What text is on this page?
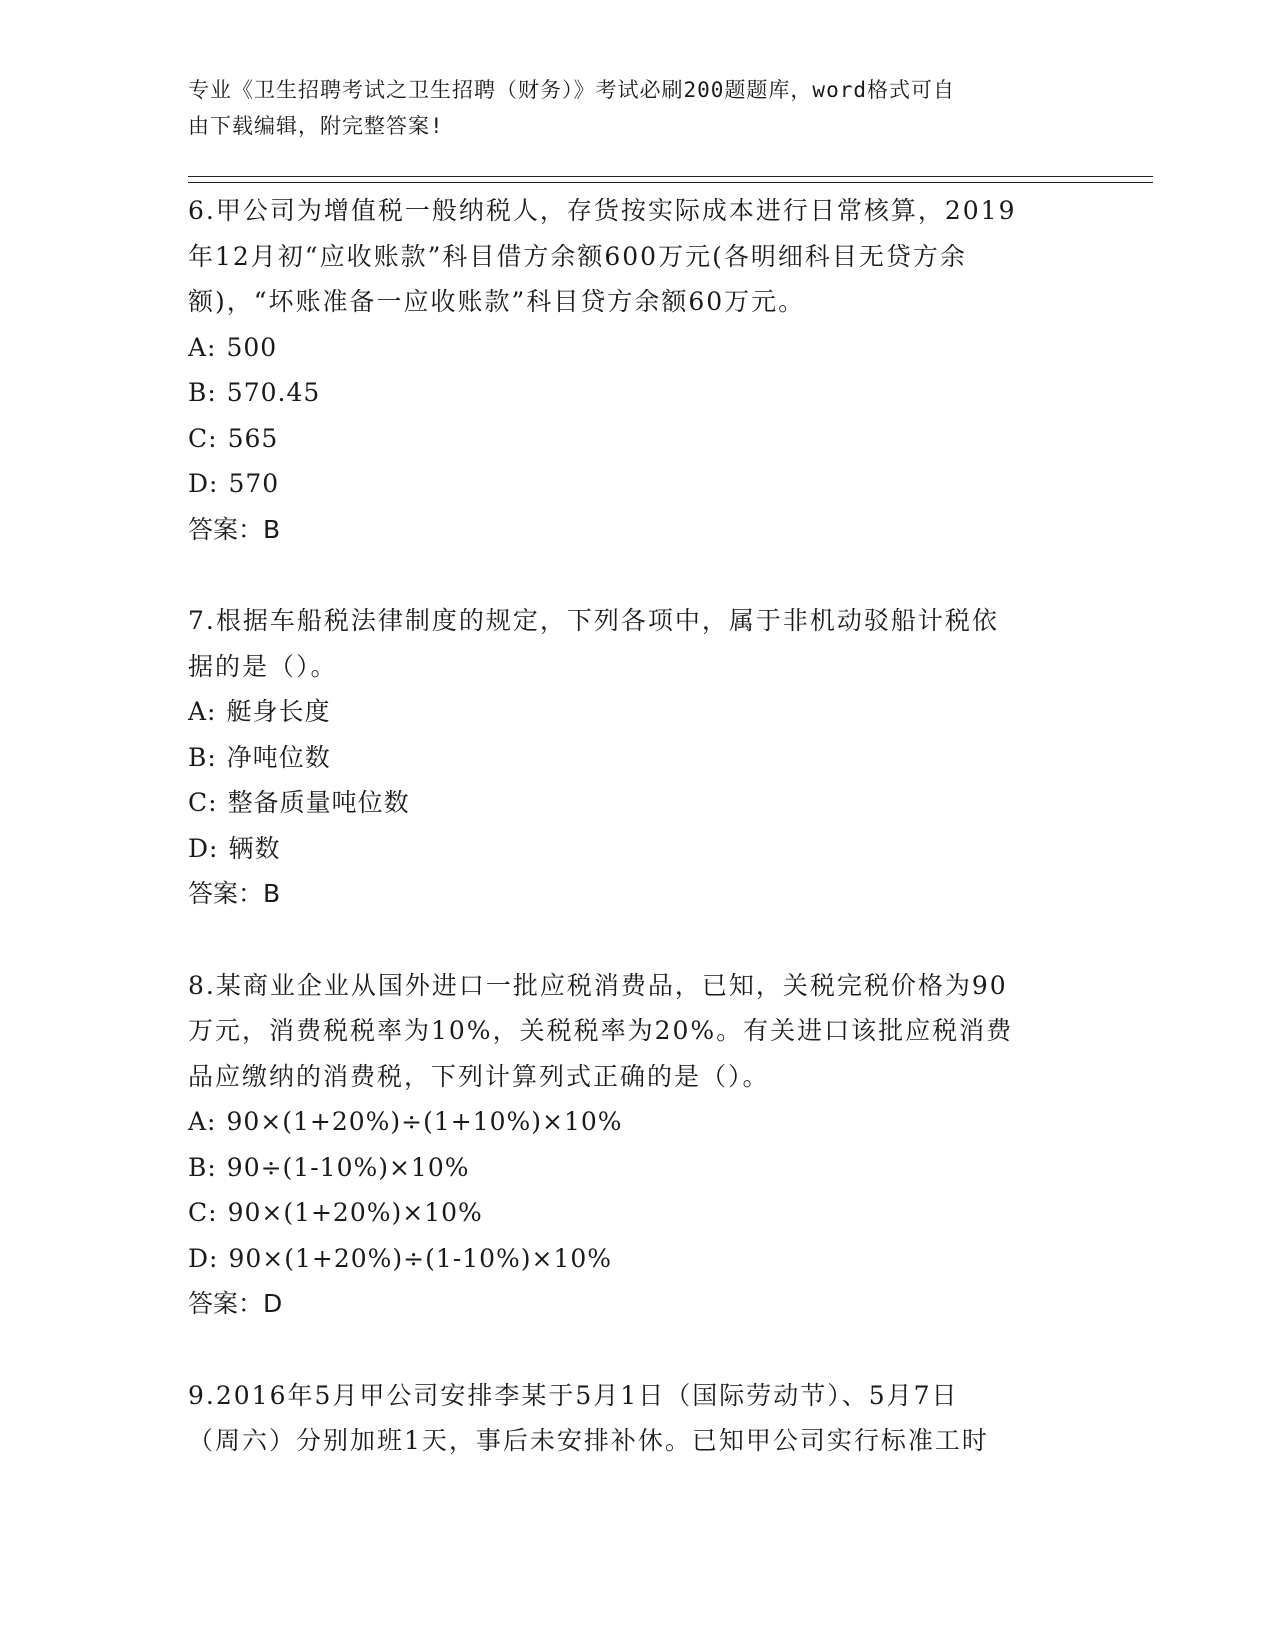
专业《卫生招聘考试之卫生招聘（财务）》考试必刷200题题库，word格式可自
由下载编辑，附完整答案!
6.甲公司为增值税一般纳税人，存货按实际成本进行日常核算，2019
年12月初“应收账款”科目借方余额600万元(各明细科目无贷方余
额)，“坏账准备一应收账款”科目贷方余额60万元。
A: 500
B: 570.45
C: 565
D: 570
答案：B
7.根据车船税法律制度的规定，下列各项中，属于非机动驳船计税依
据的是（）。
A: 艇身长度
B: 净吨位数
C: 整备质量吨位数
D: 辆数
答案：B
8.某商业企业从国外进口一批应税消费品，已知，关税完税价格为90
万元，消费税税率为10%，关税税率为20%。有关进口该批应税消费
品应缴纳的消费税，下列计算列式正确的是（）。
A: 90×(1+20%)÷(1+10%)×10%
B: 90÷(1-10%)×10%
C: 90×(1+20%)×10%
D: 90×(1+20%)÷(1-10%)×10%
答案：D
9.2016年5月甲公司安排李某于5月1日（国际劳动节）、5月7日
（周六）分别加班1天，事后未安排补休。已知甲公司实行标准工时
